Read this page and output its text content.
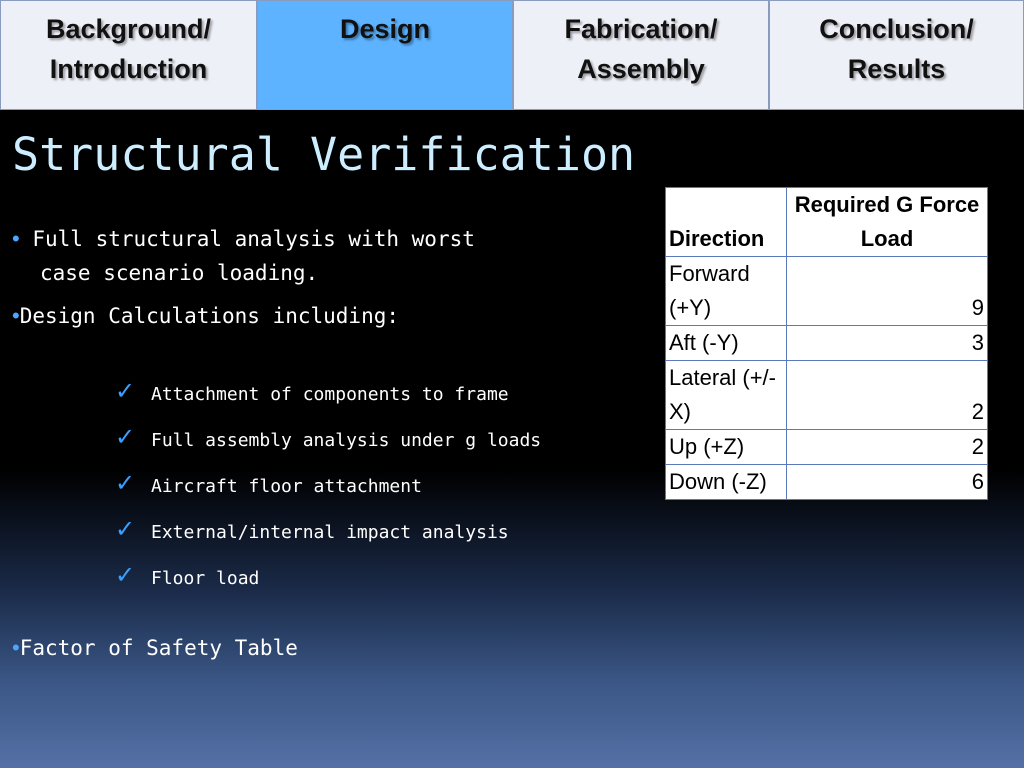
Background/
Introduction
Design	Fabrication/
Assembly
Conclusion/
Results
Structural Verification
• Full structural analysis with worst
case scenario loading.
•Design Calculations including:
✓ Attachment of components to frame
✓ Full assembly analysis under g loads
✓ Aircraft floor attachment
✓ External/internal impact analysis
✓ Floor load
•Factor of Safety Table
Direction	Required G Force Load
Forward (+Y)	9
Aft (-Y)	3
Lateral (+/-X)	2
Up (+Z)	2
Down (-Z)	6
